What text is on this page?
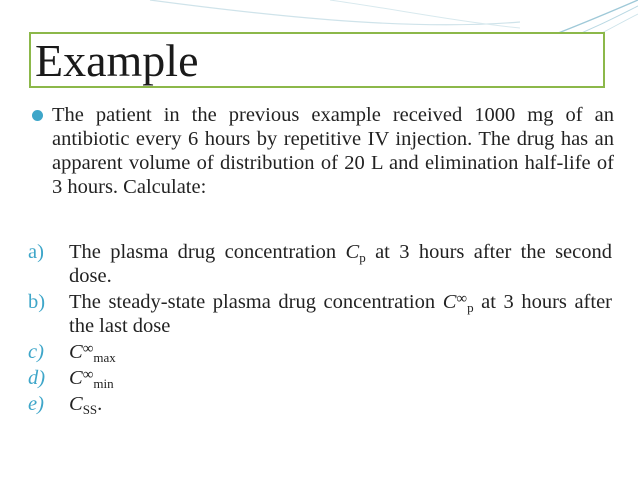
Example
The patient in the previous example received 1000 mg of an antibiotic every 6 hours by repetitive IV injection. The drug has an apparent volume of distribution of 20 L and elimination half-life of 3 hours. Calculate:
a)	The plasma drug concentration $C_p$ at 3 hours after the second dose.
b)	The steady-state plasma drug concentration $C^\infty_p$ at 3 hours after the last dose
c)	$C^\infty_{max}$
d)	$C^\infty_{min}$
e)	$C_{SS}$.
